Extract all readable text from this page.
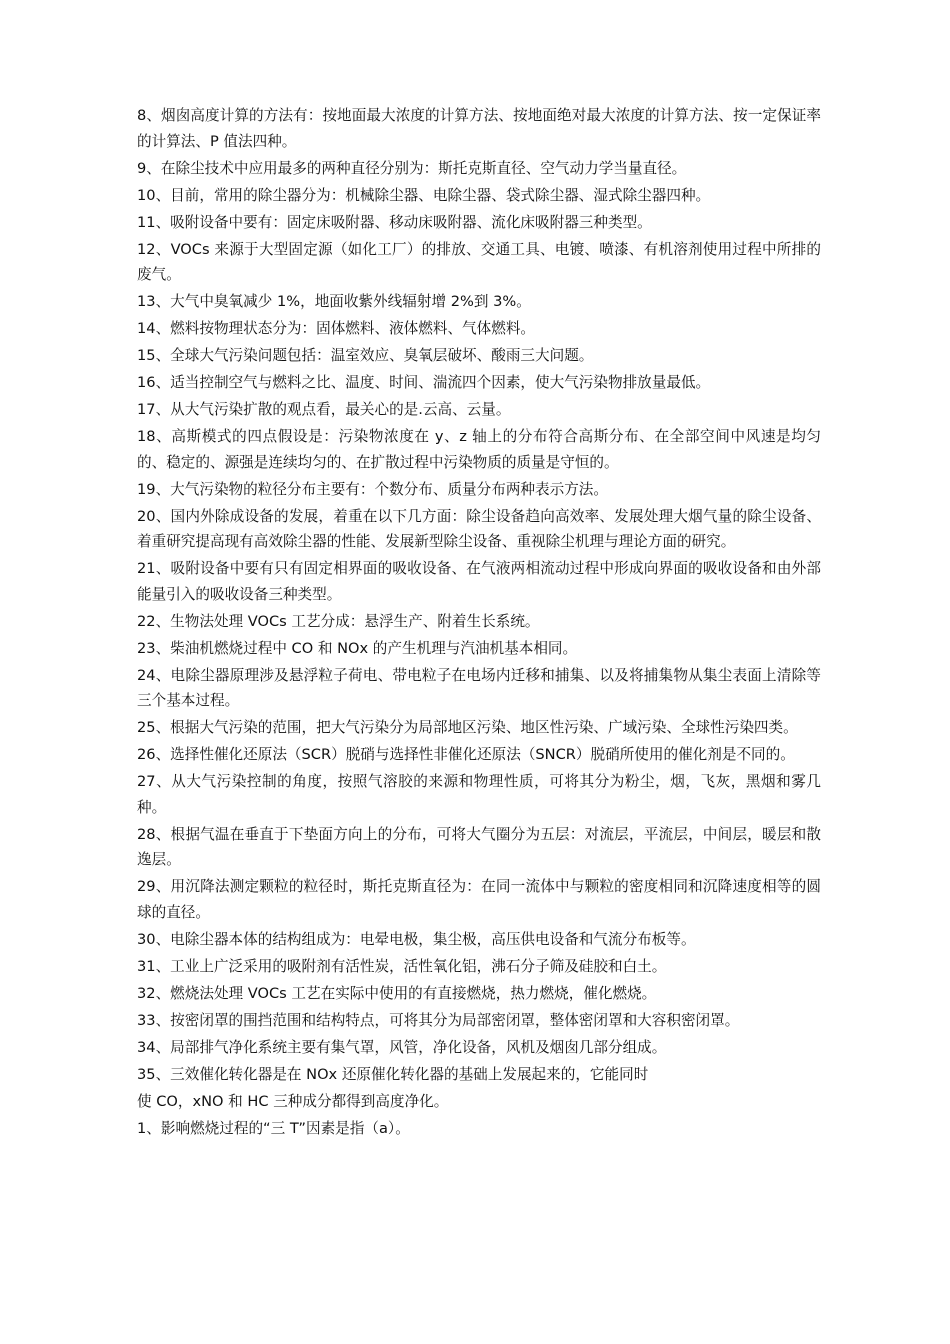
8、烟囱高度计算的方法有：按地面最大浓度的计算方法、按地面绝对最大浓度的计算方法、按一定保证率的计算法、P 值法四种。

9、在除尘技术中应用最多的两种直径分别为：斯托克斯直径、空气动力学当量直径。

10、目前，常用的除尘器分为：机械除尘器、电除尘器、袋式除尘器、湿式除尘器四种。

11、吸附设备中要有：固定床吸附器、移动床吸附器、流化床吸附器三种类型。

12、VOCs 来源于大型固定源（如化工厂）的排放、交通工具、电镀、喷漆、有机溶剂使用过程中所排的废气。

13、大气中臭氧减少 1%，地面收紫外线辐射增 2%到 3%。

14、燃料按物理状态分为：固体燃料、液体燃料、气体燃料。

15、全球大气污染问题包括：温室效应、臭氧层破坏、酸雨三大问题。

16、适当控制空气与燃料之比、温度、时间、湍流四个因素，使大气污染物排放量最低。

17、从大气污染扩散的观点看，最关心的是.云高、云量。

18、高斯模式的四点假设是：污染物浓度在 y、z 轴上的分布符合高斯分布、在全部空间中风速是均匀的、稳定的、源强是连续均匀的、在扩散过程中污染物质的质量是守恒的。

19、大气污染物的粒径分布主要有：个数分布、质量分布两种表示方法。

20、国内外除成设备的发展，着重在以下几方面：除尘设备趋向高效率、发展处理大烟气量的除尘设备、着重研究提高现有高效除尘器的性能、发展新型除尘设备、重视除尘机理与理论方面的研究。

21、吸附设备中要有只有固定相界面的吸收设备、在气液两相流动过程中形成向界面的吸收设备和由外部能量引入的吸收设备三种类型。

22、生物法处理 VOCs 工艺分成：悬浮生产、附着生长系统。

23、柴油机燃烧过程中 CO 和 NOx 的产生机理与汽油机基本相同。

24、电除尘器原理涉及悬浮粒子荷电、带电粒子在电场内迁移和捕集、以及将捕集物从集尘表面上清除等三个基本过程。

25、根据大气污染的范围，把大气污染分为局部地区污染、地区性污染、广域污染、全球性污染四类。

26、选择性催化还原法（SCR）脱硝与选择性非催化还原法（SNCR）脱硝所使用的催化剂是不同的。

27、从大气污染控制的角度，按照气溶胶的来源和物理性质，可将其分为粉尘，烟，飞灰，黑烟和雾几种。

28、根据气温在垂直于下垫面方向上的分布，可将大气圈分为五层：对流层，平流层，中间层，暖层和散逸层。

29、用沉降法测定颗粒的粒径时，斯托克斯直径为：在同一流体中与颗粒的密度相同和沉降速度相等的圆球的直径。

30、电除尘器本体的结构组成为：电晕电极，集尘极，高压供电设备和气流分布板等。

31、工业上广泛采用的吸附剂有活性炭，活性氧化铝，沸石分子筛及硅胶和白土。

32、燃烧法处理 VOCs 工艺在实际中使用的有直接燃烧，热力燃烧，催化燃烧。

33、按密闭罩的围挡范围和结构特点，可将其分为局部密闭罩，整体密闭罩和大容积密闭罩。

34、局部排气净化系统主要有集气罩，风管，净化设备，风机及烟囱几部分组成。

35、三效催化转化器是在 NOx 还原催化转化器的基础上发展起来的，它能同时

使 CO，xNO 和 HC 三种成分都得到高度净化。

1、影响燃烧过程的“三 T”因素是指（a）。
